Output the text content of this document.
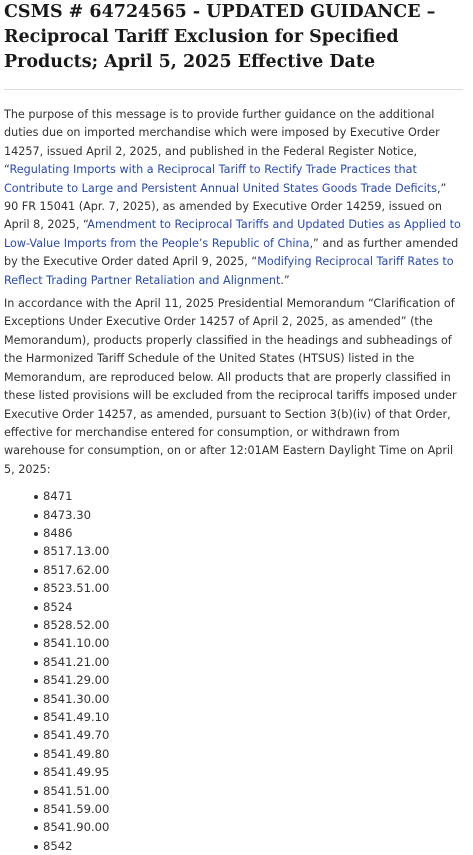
CSMS # 64724565 - UPDATED GUIDANCE – Reciprocal Tariff Exclusion for Specified Products; April 5, 2025 Effective Date

The purpose of this message is to provide further guidance on the additional duties due on imported merchandise which were imposed by Executive Order 14257, issued April 2, 2025, and published in the Federal Register Notice, “Regulating Imports with a Reciprocal Tariff to Rectify Trade Practices that Contribute to Large and Persistent Annual United States Goods Trade Deficits,” 90 FR 15041 (Apr. 7, 2025), as amended by Executive Order 14259, issued on April 8, 2025, “Amendment to Reciprocal Tariffs and Updated Duties as Applied to Low-Value Imports from the People’s Republic of China,” and as further amended by the Executive Order dated April 9, 2025, “Modifying Reciprocal Tariff Rates to Reflect Trading Partner Retaliation and Alignment.”

In accordance with the April 11, 2025 Presidential Memorandum “Clarification of Exceptions Under Executive Order 14257 of April 2, 2025, as amended” (the Memorandum), products properly classified in the headings and subheadings of the Harmonized Tariff Schedule of the United States (HTSUS) listed in the Memorandum, are reproduced below. All products that are properly classified in these listed provisions will be excluded from the reciprocal tariffs imposed under Executive Order 14257, as amended, pursuant to Section 3(b)(iv) of that Order, effective for merchandise entered for consumption, or withdrawn from warehouse for consumption, on or after 12:01AM Eastern Daylight Time on April 5, 2025:

8471
8473.30
8486
8517.13.00
8517.62.00
8523.51.00
8524
8528.52.00
8541.10.00
8541.21.00
8541.29.00
8541.30.00
8541.49.10
8541.49.70
8541.49.80
8541.49.95
8541.51.00
8541.59.00
8541.90.00
8542
